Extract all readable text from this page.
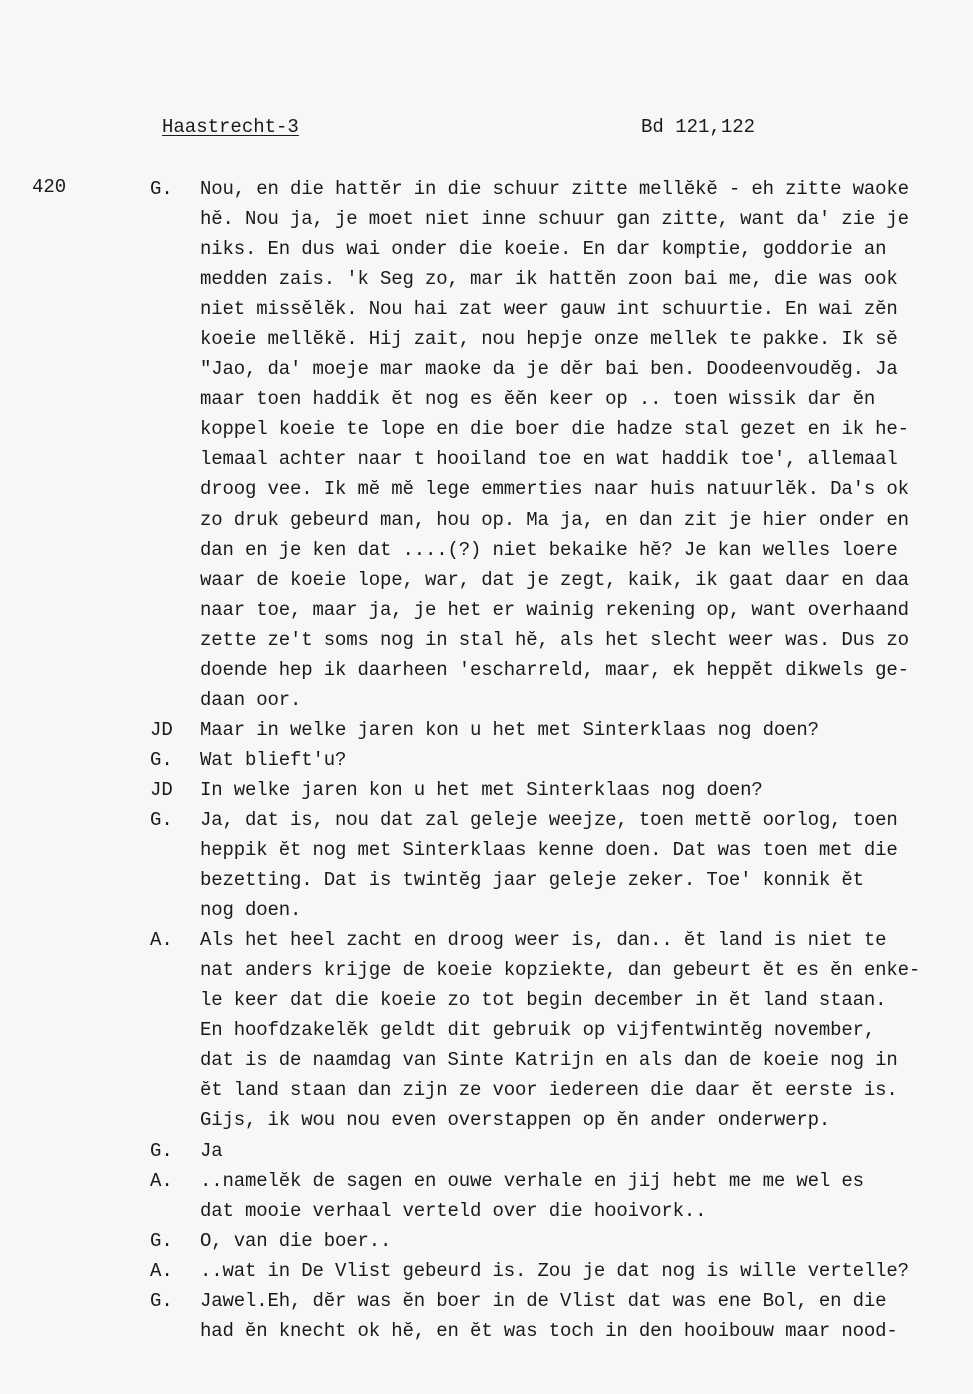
Haastrecht-3	Bd 121,122
420	G.	Nou, en die hattĕr in die schuur zitte mellĕkĕ - eh zitte waoke
hĕ. Nou ja, je moet niet inne schuur gan zitte, want da' zie je
niks. En dus wai onder die koeie. En dar komptie, goddorie an
medden zais. 'k Seg zo, mar ik hattĕn zoon bai me, die was ook
niet missĕlĕk. Nou hai zat weer gauw int schuurtie. En wai zĕn
koeie mellĕkĕ. Hij zait, nou hepje onze mellek te pakke. Ik sĕ
"Jao, da' moeje mar maoke da je dĕr bai ben. Doodeenvoudĕg. Ja
maar toen haddik ĕt nog es ĕĕn keer op .. toen wissik dar ĕn
koppel koeie te lope en die boer die hadze stal gezet en ik he-
lemaal achter naar t hooiland toe en wat haddik toe', allemaal
droog vee. Ik mĕ mĕ lege emmerties naar huis natuurlĕk. Da's ok
zo druk gebeurd man, hou op. Ma ja, en dan zit je hier onder en
dan en je ken dat ....(?) niet bekaike hĕ? Je kan welles loere
waar de koeie lope, war, dat je zegt, kaik, ik gaat daar en daa
naar toe, maar ja, je het er wainig rekening op, want overhaand
zette ze't soms nog in stal hĕ, als het slecht weer was. Dus zo
doende hep ik daarheen 'escharreld, maar, ek heppĕt dikwels ge-
daan oor.
JD	Maar in welke jaren kon u het met Sinterklaas nog doen?
G.	Wat blieft'u?
JD	In welke jaren kon u het met Sinterklaas nog doen?
G.	Ja, dat is, nou dat zal geleje weejze, toen mettĕ oorlog, toen
heppik ĕt nog met Sinterklaas kenne doen. Dat was toen met die
bezetting. Dat is twintĕg jaar geleje zeker. Toe' konnik ĕt
nog doen.
A.	Als het heel zacht en droog weer is, dan.. ĕt land is niet te
nat anders krijge de koeie kopziekte, dan gebeurt ĕt es ĕn enke-
le keer dat die koeie zo tot begin december in ĕt land staan.
En hoofdzakelĕk geldt dit gebruik op vijfentwintĕg november,
dat is de naamdag van Sinte Katrijn en als dan de koeie nog in
ĕt land staan dan zijn ze voor iedereen die daar ĕt eerste is.
Gijs, ik wou nou even overstappen op ĕn ander onderwerp.
G.	Ja
A.	..namelĕk de sagen en ouwe verhale en jij hebt me me wel es
dat mooie verhaal verteld over die hooivork..
G.	O, van die boer..
A.	..wat in De Vlist gebeurd is. Zou je dat nog is wille vertelle?
G.	Jawel.Eh, dĕr was ĕn boer in de Vlist dat was ene Bol, en die
had ĕn knecht ok hĕ, en ĕt was toch in den hooibouw maar nood-
